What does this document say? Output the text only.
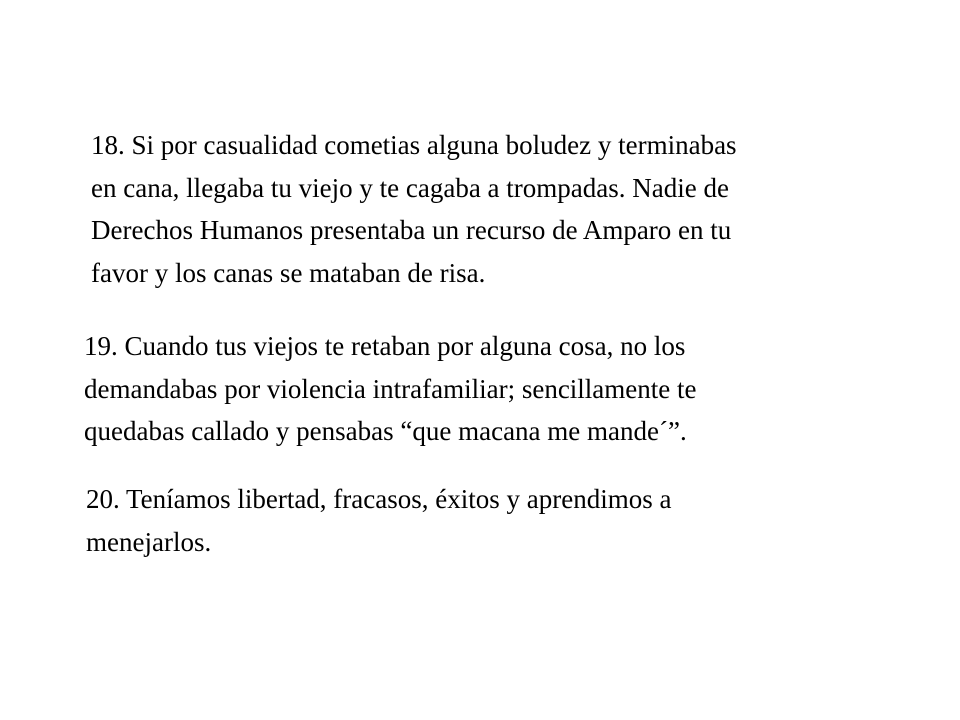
18. Si por casualidad cometias alguna boludez y terminabas
en cana, llegaba tu viejo y te cagaba a trompadas. Nadie de
Derechos Humanos presentaba un recurso de Amparo en tu
favor y los canas se mataban de risa.

19. Cuando tus viejos te retaban por alguna cosa, no los
demandabas por violencia intrafamiliar; sencillamente te
quedabas callado y pensabas “que macana me mande´”.

20. Teníamos libertad, fracasos, éxitos y aprendimos a
menejarlos.
